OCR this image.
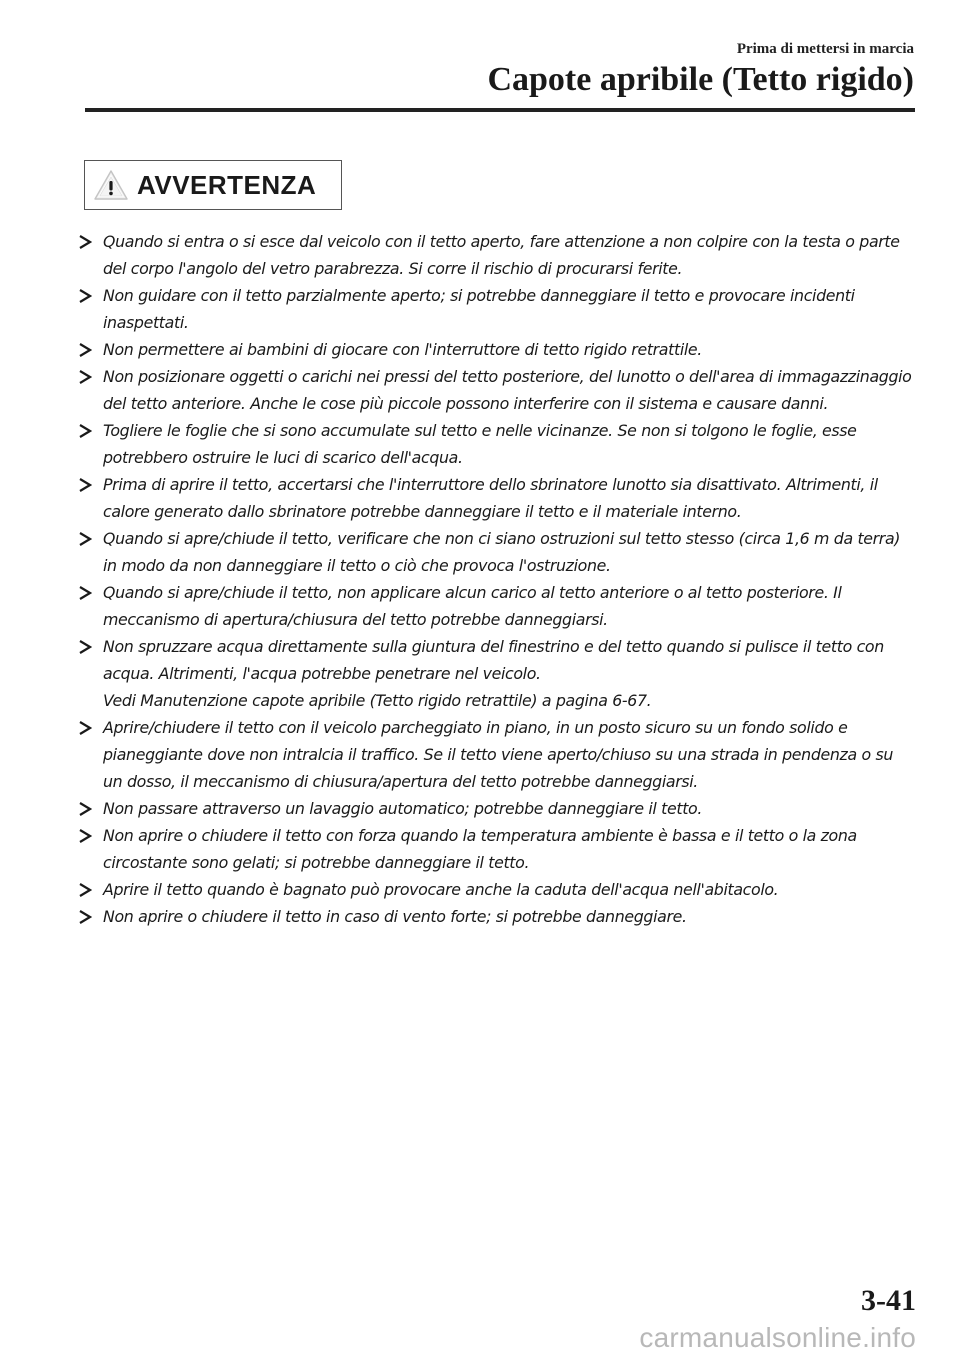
Prima di mettersi in marcia
Capote apribile (Tetto rigido)
AVVERTENZA
Quando si entra o si esce dal veicolo con il tetto aperto, fare attenzione a non colpire con la testa o parte del corpo l'angolo del vetro parabrezza. Si corre il rischio di procurarsi ferite.
Non guidare con il tetto parzialmente aperto; si potrebbe danneggiare il tetto e provocare incidenti inaspettati.
Non permettere ai bambini di giocare con l'interruttore di tetto rigido retrattile.
Non posizionare oggetti o carichi nei pressi del tetto posteriore, del lunotto o dell'area di immagazzinaggio del tetto anteriore. Anche le cose più piccole possono interferire con il sistema e causare danni.
Togliere le foglie che si sono accumulate sul tetto e nelle vicinanze. Se non si tolgono le foglie, esse potrebbero ostruire le luci di scarico dell'acqua.
Prima di aprire il tetto, accertarsi che l'interruttore dello sbrinatore lunotto sia disattivato. Altrimenti, il calore generato dallo sbrinatore potrebbe danneggiare il tetto e il materiale interno.
Quando si apre/chiude il tetto, verificare che non ci siano ostruzioni sul tetto stesso (circa 1,6 m da terra) in modo da non danneggiare il tetto o ciò che provoca l'ostruzione.
Quando si apre/chiude il tetto, non applicare alcun carico al tetto anteriore o al tetto posteriore. Il meccanismo di apertura/chiusura del tetto potrebbe danneggiarsi.
Non spruzzare acqua direttamente sulla giuntura del finestrino e del tetto quando si pulisce il tetto con acqua. Altrimenti, l'acqua potrebbe penetrare nel veicolo.
Vedi Manutenzione capote apribile (Tetto rigido retrattile) a pagina 6-67.
Aprire/chiudere il tetto con il veicolo parcheggiato in piano, in un posto sicuro su un fondo solido e pianeggiante dove non intralcia il traffico. Se il tetto viene aperto/chiuso su una strada in pendenza o su un dosso, il meccanismo di chiusura/apertura del tetto potrebbe danneggiarsi.
Non passare attraverso un lavaggio automatico; potrebbe danneggiare il tetto.
Non aprire o chiudere il tetto con forza quando la temperatura ambiente è bassa e il tetto o la zona circostante sono gelati; si potrebbe danneggiare il tetto.
Aprire il tetto quando è bagnato può provocare anche la caduta dell'acqua nell'abitacolo.
Non aprire o chiudere il tetto in caso di vento forte; si potrebbe danneggiare.
3-41
carmanualsonline.info
